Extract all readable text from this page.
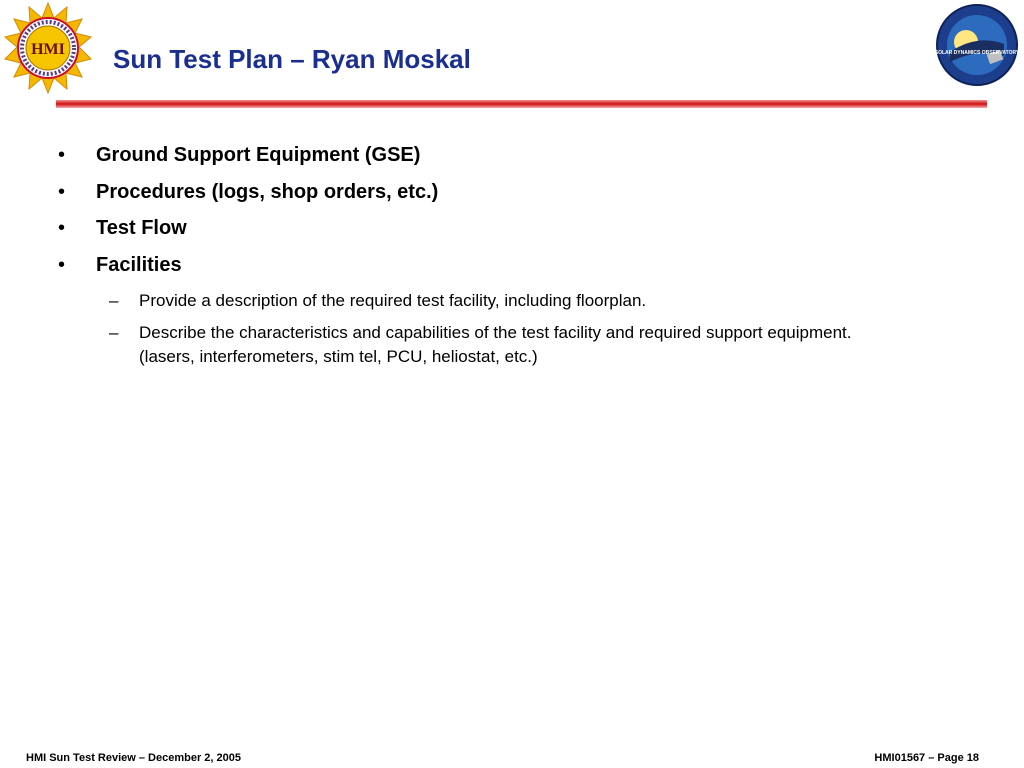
HMI	SOLAR DYNAMICS OBSERVATORY
Sun Test Plan – Ryan Moskal
• Ground Support Equipment (GSE)
• Procedures (logs, shop orders, etc.)
• Test Flow
• Facilities
– Provide a description of the required test facility, including floorplan.
– Describe the characteristics and capabilities of the test facility and required support equipment. (lasers, interferometers, stim tel, PCU, heliostat, etc.)
HMI Sun Test Review – December 2, 2005	HMI01567 – Page 18
